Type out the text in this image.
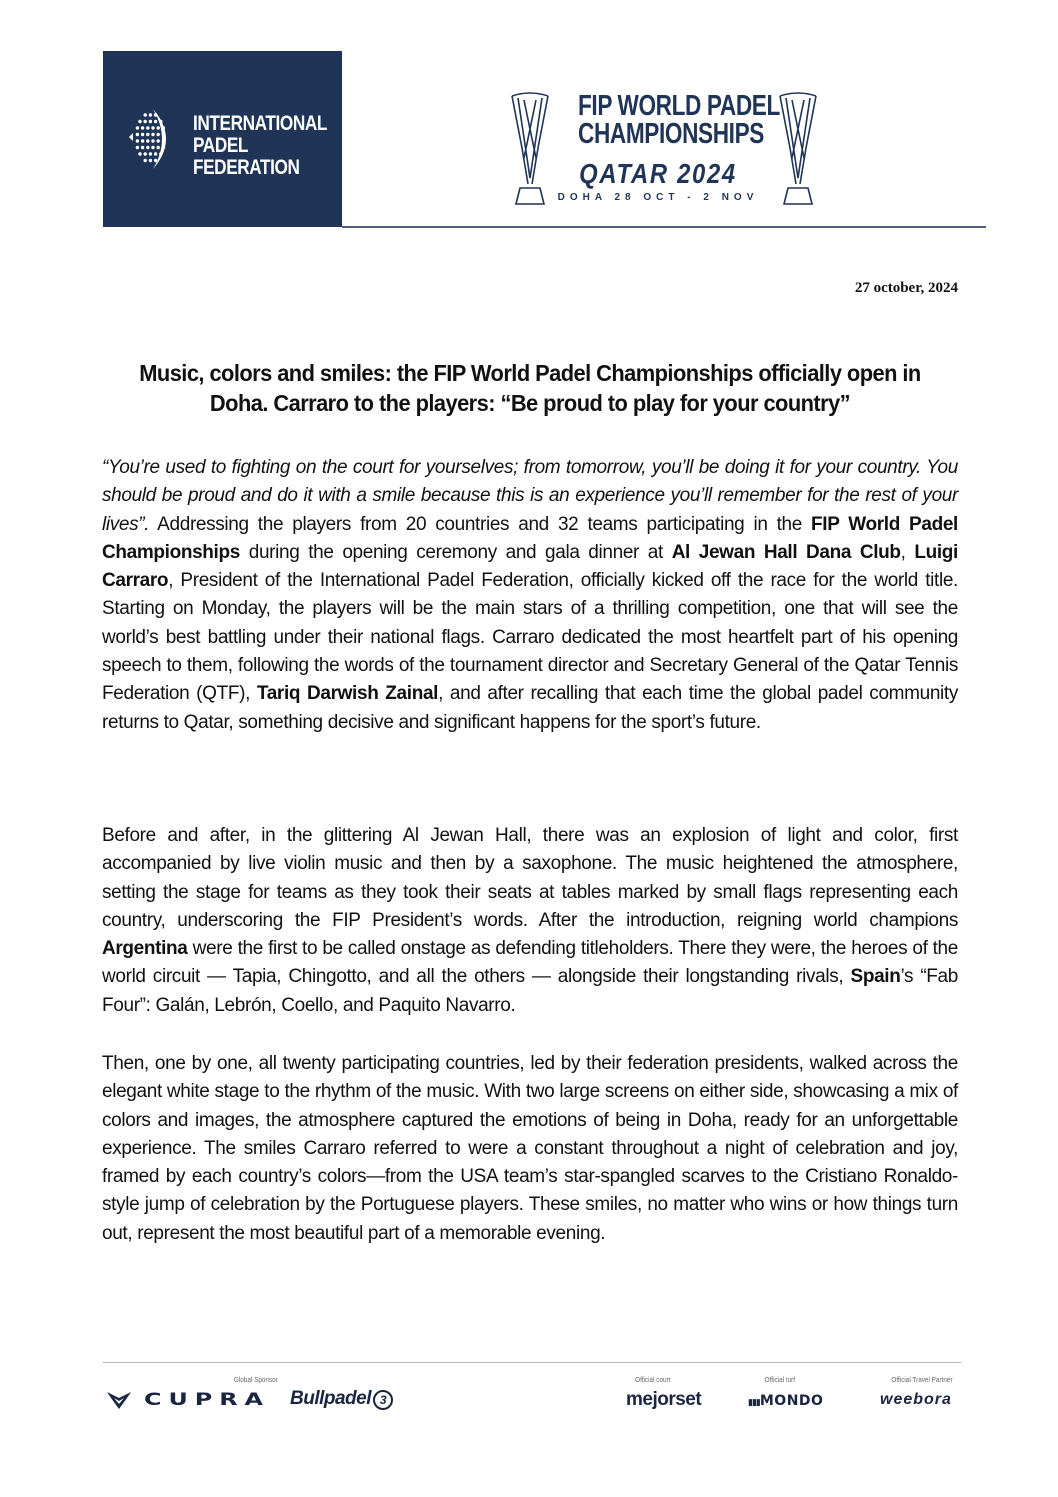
INTERNATIONAL
PADEL
FEDERATION
FIP WORLD PADEL
CHAMPIONSHIPS
QATAR 2024
DOHA 28 OCT - 2 NOV
27 october, 2024
Music, colors and smiles: the FIP World Padel Championships officially open in Doha. Carraro to the players: “Be proud to play for your country”

“You’re used to fighting on the court for yourselves; from tomorrow, you’ll be doing it for your country. You should be proud and do it with a smile because this is an experience you’ll remember for the rest of your lives”. Addressing the players from 20 countries and 32 teams participating in the FIP World Padel Championships during the opening ceremony and gala dinner at Al Jewan Hall Dana Club, Luigi Carraro, President of the International Padel Federation, officially kicked off the race for the world title. Starting on Monday, the players will be the main stars of a thrilling competition, one that will see the world’s best battling under their national flags. Carraro dedicated the most heartfelt part of his opening speech to them, following the words of the tournament director and Secretary General of the Qatar Tennis Federation (QTF), Tariq Darwish Zainal, and after recalling that each time the global padel community returns to Qatar, something decisive and significant happens for the sport’s future.

Before and after, in the glittering Al Jewan Hall, there was an explosion of light and color, first accompanied by live violin music and then by a saxophone. The music heightened the atmosphere, setting the stage for teams as they took their seats at tables marked by small flags representing each country, underscoring the FIP President’s words. After the introduction, reigning world champions Argentina were the first to be called onstage as defending titleholders. There they were, the heroes of the world circuit — Tapia, Chingotto, and all the others — alongside their longstanding rivals, Spain’s “Fab Four”: Galán, Lebrón, Coello, and Paquito Navarro.

Then, one by one, all twenty participating countries, led by their federation presidents, walked across the elegant white stage to the rhythm of the music. With two large screens on either side, showcasing a mix of colors and images, the atmosphere captured the emotions of being in Doha, ready for an unforgettable experience. The smiles Carraro referred to were a constant throughout a night of celebration and joy, framed by each country’s colors—from the USA team’s star-spangled scarves to the Cristiano Ronaldo-style jump of celebration by the Portuguese players. These smiles, no matter who wins or how things turn out, represent the most beautiful part of a memorable evening.

Global Sponsor
CUPRA Bullpadel 3
Official court
mejorset
Official turf
▮▮▮MONDO
Official Travel Partner
weebora
